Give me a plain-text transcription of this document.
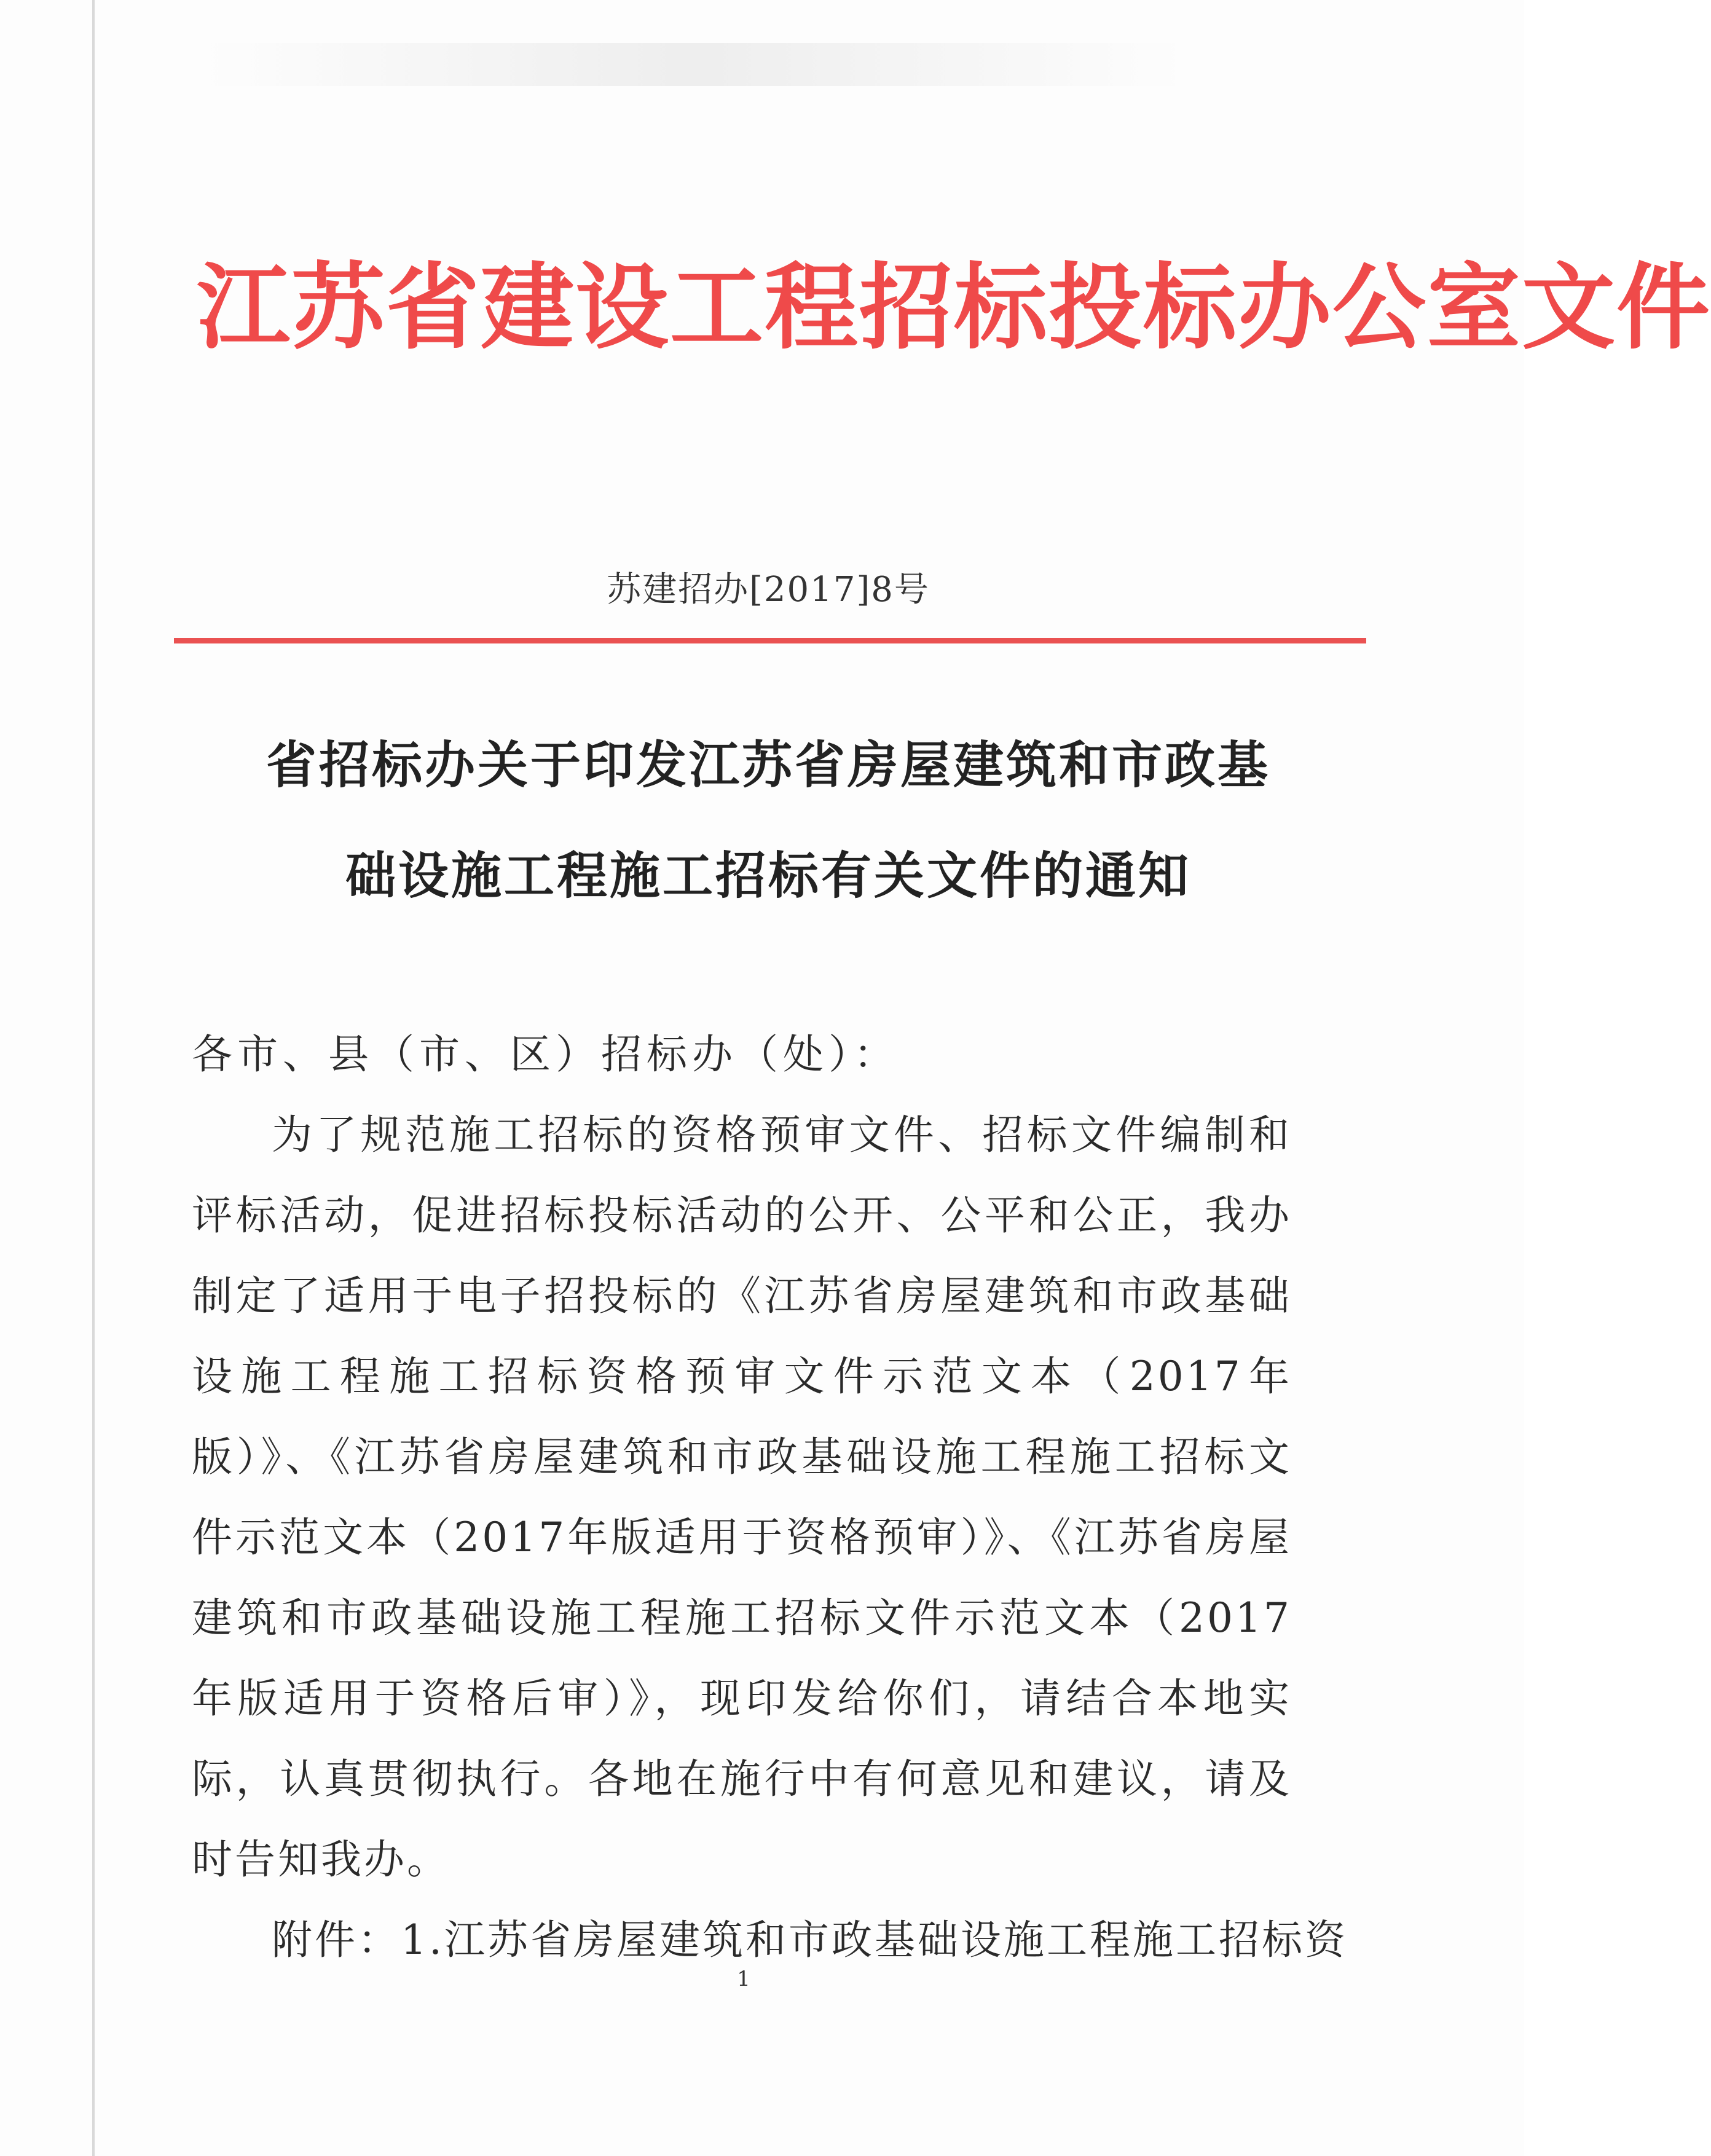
江苏省建设工程招标投标办公室文件
苏建招办[2017]8号
省招标办关于印发江苏省房屋建筑和市政基
础设施工程施工招标有关文件的通知
各市、县（市、区）招标办（处）：
为了规范施工招标的资格预审文件、招标文件编制和评标活动，促进招标投标活动的公开、公平和公正，我办制定了适用于电子招投标的《江苏省房屋建筑和市政基础设施工程施工招标资格预审文件示范文本（2017年版）》、《江苏省房屋建筑和市政基础设施工程施工招标文件示范文本（2017年版适用于资格预审）》、《江苏省房屋建筑和市政基础设施工程施工招标文件示范文本（2017年版适用于资格后审）》，现印发给你们，请结合本地实际，认真贯彻执行。各地在施行中有何意见和建议，请及时告知我办。
附件：1.江苏省房屋建筑和市政基础设施工程施工招标资
1
